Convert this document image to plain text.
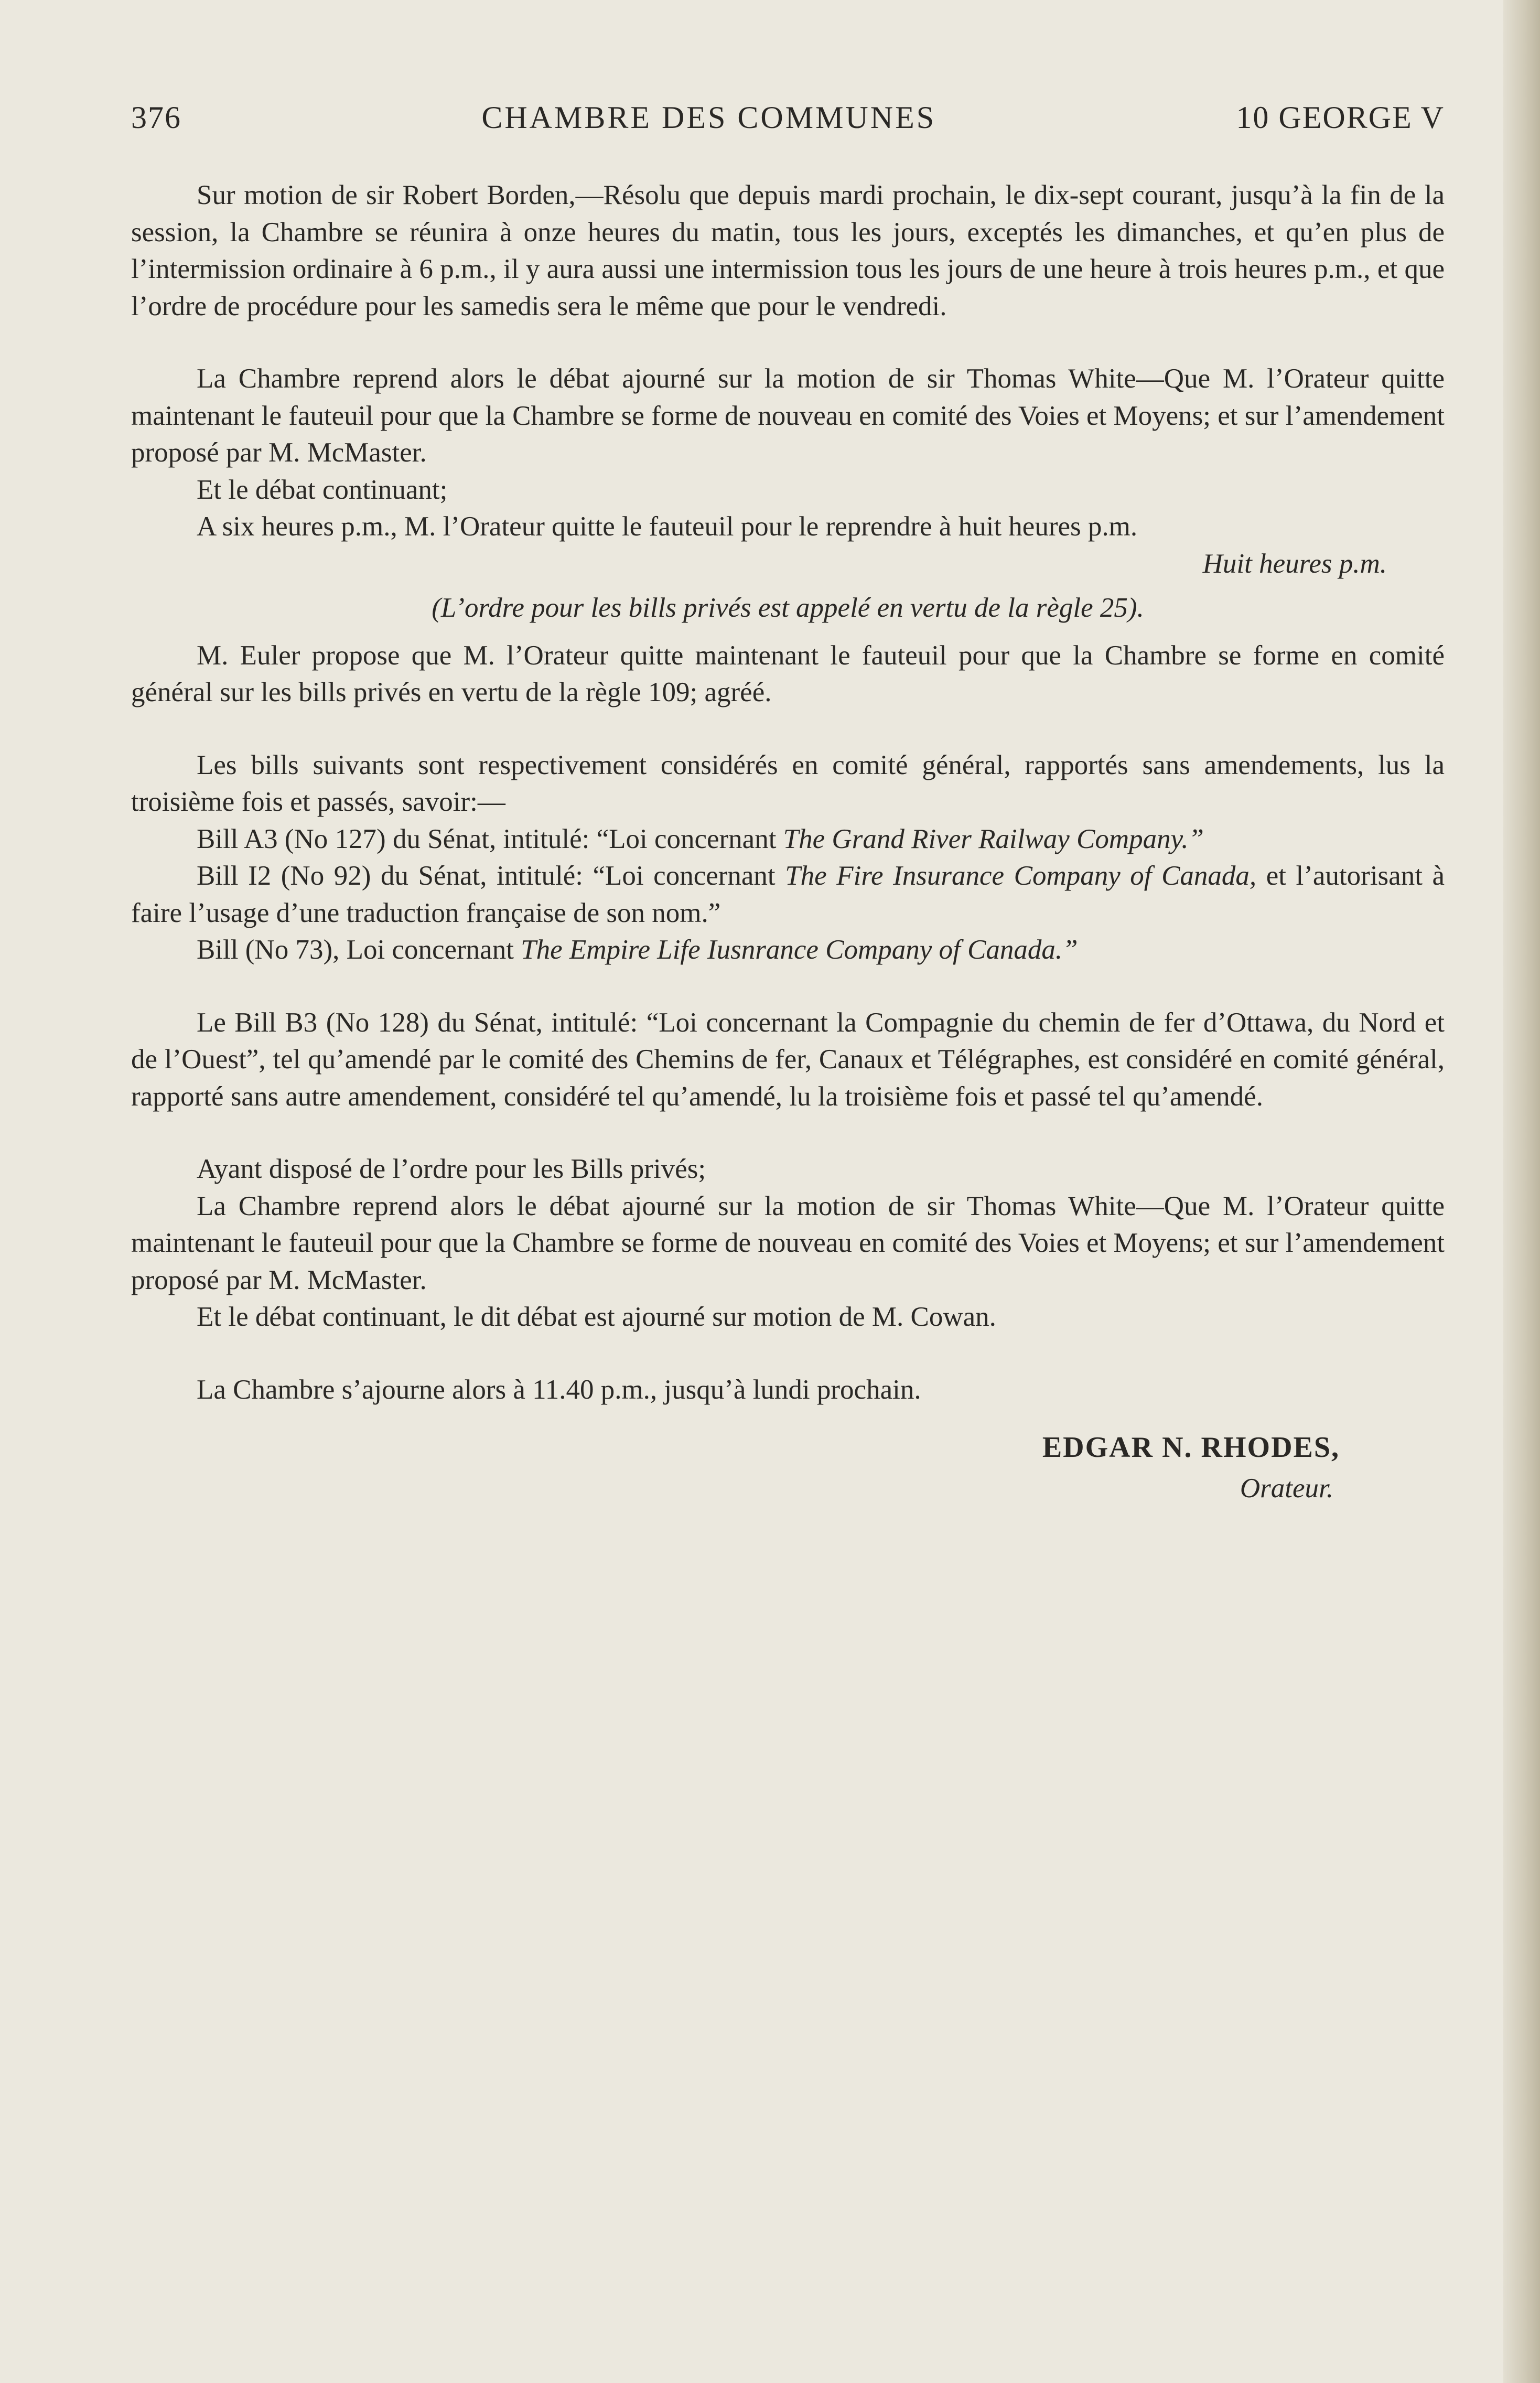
376	CHAMBRE DES COMMUNES	10 GEORGE V

Sur motion de sir Robert Borden,—Résolu que depuis mardi prochain, le dix-sept courant, jusqu’à la fin de la session, la Chambre se réunira à onze heures du matin, tous les jours, exceptés les dimanches, et qu’en plus de l’intermission ordinaire à 6 p.m., il y aura aussi une intermission tous les jours de une heure à trois heures p.m., et que l’ordre de procédure pour les samedis sera le même que pour le vendredi.

La Chambre reprend alors le débat ajourné sur la motion de sir Thomas White—Que M. l’Orateur quitte maintenant le fauteuil pour que la Chambre se forme de nouveau en comité des Voies et Moyens; et sur l’amendement proposé par M. McMaster.

Et le débat continuant;

A six heures p.m., M. l’Orateur quitte le fauteuil pour le reprendre à huit heures p.m.

Huit heures p.m.

(L’ordre pour les bills privés est appelé en vertu de la règle 25).

M. Euler propose que M. l’Orateur quitte maintenant le fauteuil pour que la Chambre se forme en comité général sur les bills privés en vertu de la règle 109; agréé.

Les bills suivants sont respectivement considérés en comité général, rapportés sans amendements, lus la troisième fois et passés, savoir:—

Bill A3 (No 127) du Sénat, intitulé: “Loi concernant The Grand River Railway Company.”

Bill I2 (No 92) du Sénat, intitulé: “Loi concernant The Fire Insurance Company of Canada, et l’autorisant à faire l’usage d’une traduction française de son nom.”

Bill (No 73), Loi concernant The Empire Life Iusnrance Company of Canada.”

Le Bill B3 (No 128) du Sénat, intitulé: “Loi concernant la Compagnie du chemin de fer d’Ottawa, du Nord et de l’Ouest”, tel qu’amendé par le comité des Chemins de fer, Canaux et Télégraphes, est considéré en comité général, rapporté sans autre amendement, considéré tel qu’amendé, lu la troisième fois et passé tel qu’amendé.

Ayant disposé de l’ordre pour les Bills privés;

La Chambre reprend alors le débat ajourné sur la motion de sir Thomas White—Que M. l’Orateur quitte maintenant le fauteuil pour que la Chambre se forme de nouveau en comité des Voies et Moyens; et sur l’amendement proposé par M. McMaster.

Et le débat continuant, le dit débat est ajourné sur motion de M. Cowan.

La Chambre s’ajourne alors à 11.40 p.m., jusqu’à lundi prochain.

EDGAR N. RHODES,
Orateur.
